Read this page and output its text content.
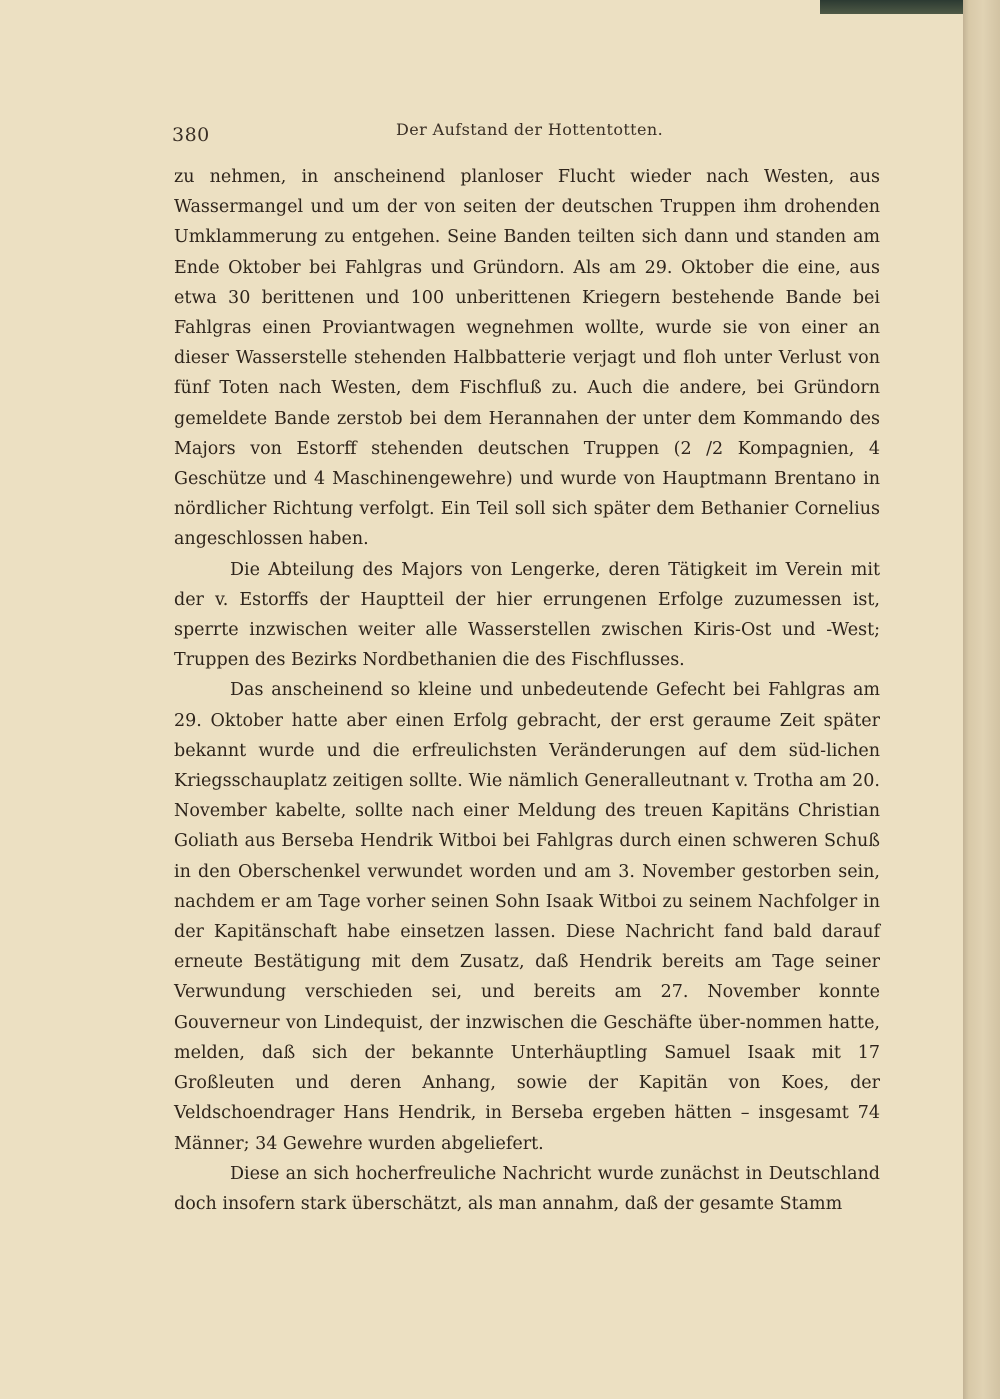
380	Der Aufstand der Hottentotten.

zu nehmen, in anscheinend planloser Flucht wieder nach Westen, aus Wassermangel und um der von seiten der deutschen Truppen ihm drohenden Umklammerung zu entgehen. Seine Banden teilten sich dann und standen am Ende Oktober bei Fahlgras und Gründorn. Als am 29. Oktober die eine, aus etwa 30 berittenen und 100 unberittenen Kriegern bestehende Bande bei Fahlgras einen Proviantwagen wegnehmen wollte, wurde sie von einer an dieser Wasserstelle stehenden Halbbatterie verjagt und floh unter Verlust von fünf Toten nach Westen, dem Fischfluß zu. Auch die andere, bei Gründorn gemeldete Bande zerstob bei dem Herannahen der unter dem Kommando des Majors von Estorff stehenden deutschen Truppen (2 /2 Kompagnien, 4 Geschütze und 4 Maschinengewehre) und wurde von Hauptmann Brentano in nördlicher Richtung verfolgt. Ein Teil soll sich später dem Bethanier Cornelius angeschlossen haben.

Die Abteilung des Majors von Lengerke, deren Tätigkeit im Verein mit der v. Estorffs der Hauptteil der hier errungenen Erfolge zuzumessen ist, sperrte inzwischen weiter alle Wasserstellen zwischen Kiris-Ost und -West; Truppen des Bezirks Nordbethanien die des Fischflusses.

Das anscheinend so kleine und unbedeutende Gefecht bei Fahlgras am 29. Oktober hatte aber einen Erfolg gebracht, der erst geraume Zeit später bekannt wurde und die erfreulichsten Veränderungen auf dem süd-lichen Kriegsschauplatz zeitigen sollte. Wie nämlich Generalleutnant v. Trotha am 20. November kabelte, sollte nach einer Meldung des treuen Kapitäns Christian Goliath aus Berseba Hendrik Witboi bei Fahlgras durch einen schweren Schuß in den Oberschenkel verwundet worden und am 3. November gestorben sein, nachdem er am Tage vorher seinen Sohn Isaak Witboi zu seinem Nachfolger in der Kapitänschaft habe einsetzen lassen. Diese Nachricht fand bald darauf erneute Bestätigung mit dem Zusatz, daß Hendrik bereits am Tage seiner Verwundung verschieden sei, und bereits am 27. November konnte Gouverneur von Lindequist, der inzwischen die Geschäfte über-nommen hatte, melden, daß sich der bekannte Unterhäuptling Samuel Isaak mit 17 Großleuten und deren Anhang, sowie der Kapitän von Koes, der Veldschoendrager Hans Hendrik, in Berseba ergeben hätten – insgesamt 74 Männer; 34 Gewehre wurden abgeliefert.

Diese an sich hocherfreuliche Nachricht wurde zunächst in Deutschland doch insofern stark überschätzt, als man annahm, daß der gesamte Stamm
